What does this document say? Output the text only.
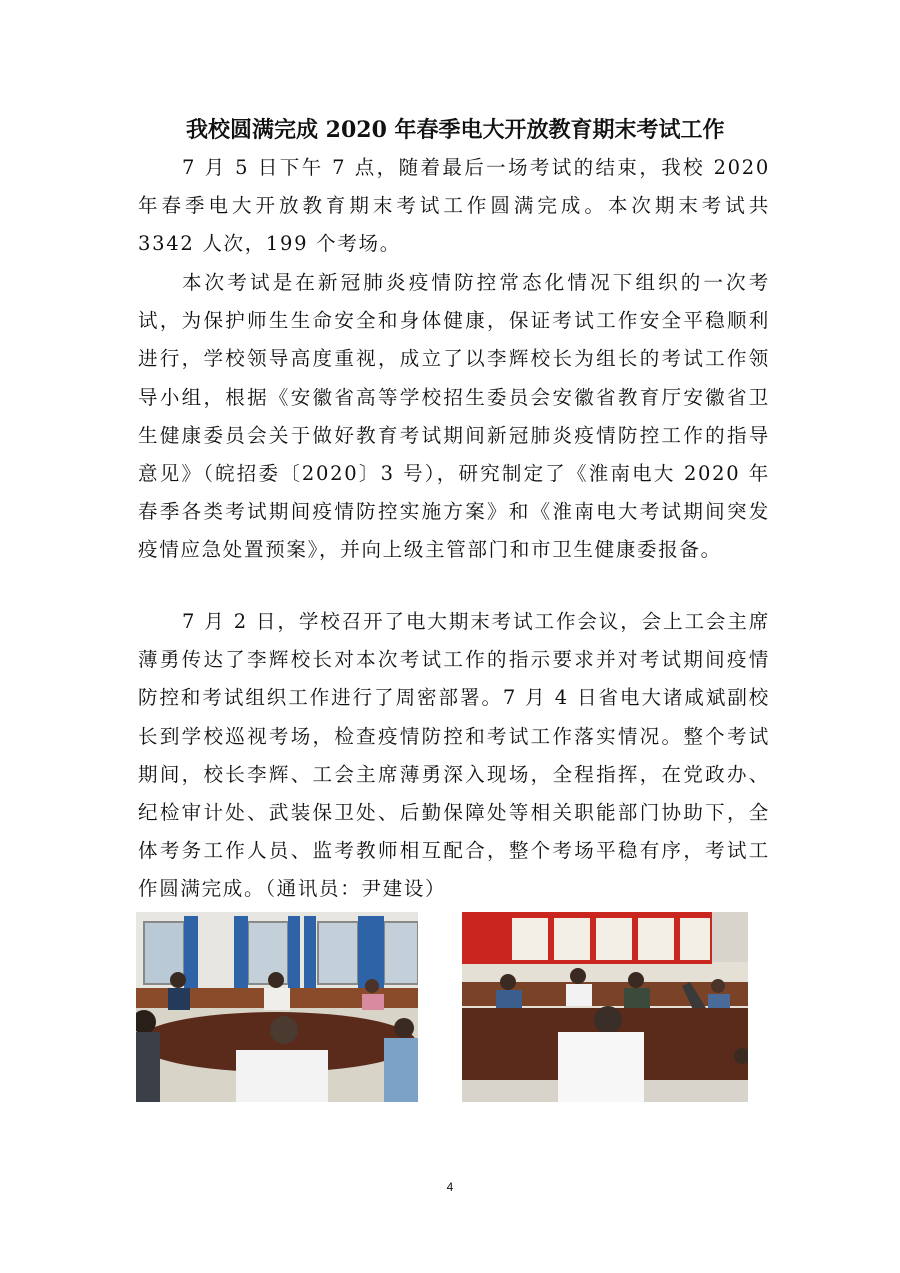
我校圆满完成 2020 年春季电大开放教育期末考试工作

7 月 5 日下午 7 点，随着最后一场考试的结束，我校 2020 年春季电大开放教育期末考试工作圆满完成。本次期末考试共 3342 人次，199 个考场。

本次考试是在新冠肺炎疫情防控常态化情况下组织的一次考试，为保护师生生命安全和身体健康，保证考试工作安全平稳顺利进行，学校领导高度重视，成立了以李辉校长为组长的考试工作领导小组，根据《安徽省高等学校招生委员会安徽省教育厅安徽省卫生健康委员会关于做好教育考试期间新冠肺炎疫情防控工作的指导意见》（皖招委〔2020〕3 号），研究制定了《淮南电大 2020 年春季各类考试期间疫情防控实施方案》和《淮南电大考试期间突发疫情应急处置预案》，并向上级主管部门和市卫生健康委报备。

7 月 2 日，学校召开了电大期末考试工作会议，会上工会主席薄勇传达了李辉校长对本次考试工作的指示要求并对考试期间疫情防控和考试组织工作进行了周密部署。7 月 4 日省电大诸咸斌副校长到学校巡视考场，检查疫情防控和考试工作落实情况。整个考试期间，校长李辉、工会主席薄勇深入现场，全程指挥，在党政办、纪检审计处、武装保卫处、后勤保障处等相关职能部门协助下，全体考务工作人员、监考教师相互配合，整个考场平稳有序，考试工作圆满完成。（通讯员：尹建设）

4
